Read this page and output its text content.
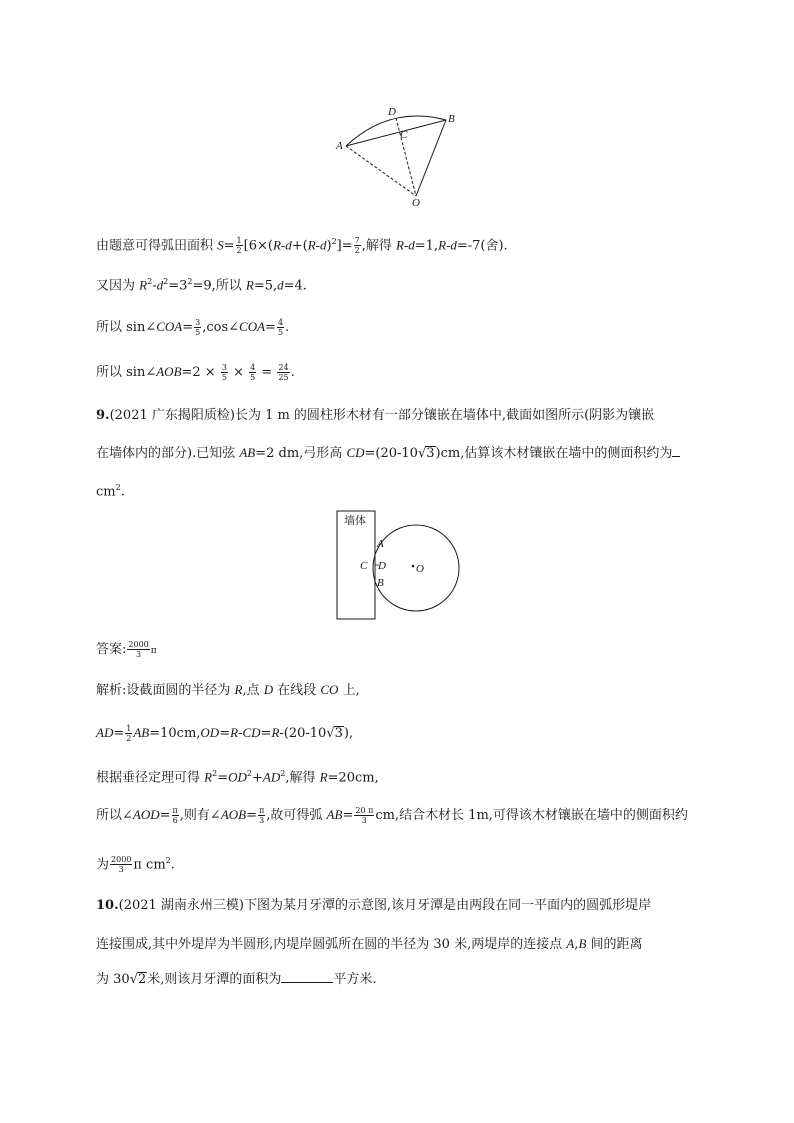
A
B
C
D
O
由题意可得弧田面积 $S= \frac{1}{2} [6\times(R-d+(R-d)^2]= \frac{7}{2}$ ,解得 R-d=1,R-d=-7(舍).
又因为 $R^2-d^2=3^2=9$,所以 R=5,d=4.
所以 sin∠COA= $\frac{3}{5}$ ,cos∠COA= $\frac{4}{5}$ .
所以 sin∠AOB=2 × $\frac{3}{5} \times \frac{4}{5} = \frac{24}{25}$ .
9.(2021 广东揭阳质检)长为 1 m 的圆柱形木材有一部分镶嵌在墙体中,截面如图所示(阴影为镶嵌
在墙体内的部分).已知弦 AB=2 dm,弓形高 CD=(20-10√3)cm,估算该木材镶嵌在墙中的侧面积约为
$cm^2$.
墙体
A
C D
B
O
答案: $\frac{2000}{3}$ π
解析:设截面圆的半径为 R,点 D 在线段 CO 上,
$AD= \frac{1}{2} AB=10cm,OD=R-CD=R-(20-10√3)$,
根据垂径定理可得 $R^2=OD^2+AD^2$,解得 R=20cm,
所以∠AOD= $\frac{\pi}{6}$ ,则有∠AOB= $\frac{\pi}{3}$ ,故可得弧 $AB= \frac{20 \pi}{3}$ cm,结合木材长 1m,可得该木材镶嵌在墙中的侧面积约
为 $\frac{2000}{3}$ π $cm^2$.
10.(2021 湖南永州三模)下图为某月牙潭的示意图,该月牙潭是由两段在同一平面内的圆弧形堤岸
连接围成,其中外堤岸为半圆形,内堤岸圆弧所在圆的半径为 30 米,两堤岸的连接点 A,B 间的距离
为 30√2米,则该月牙潭的面积为	平方米.
